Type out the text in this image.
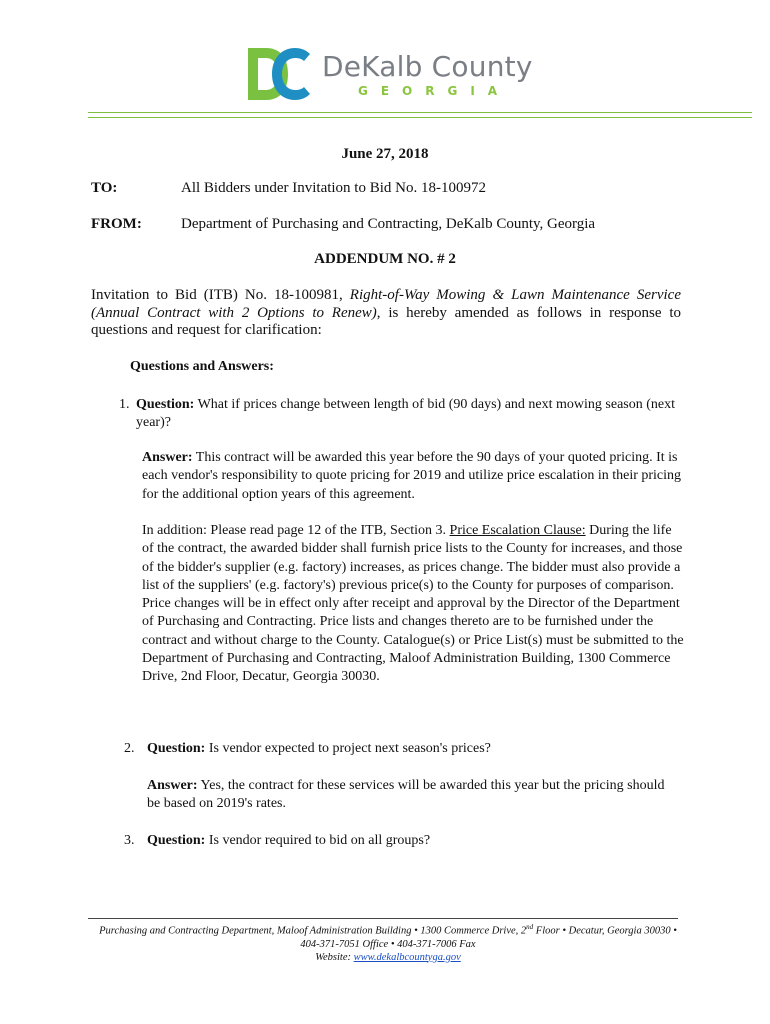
DeKalb County
GEORGIA
June 27, 2018
TO:	All Bidders under Invitation to Bid No. 18-100972
FROM:	Department of Purchasing and Contracting, DeKalb County, Georgia
ADDENDUM NO. # 2
Invitation to Bid (ITB) No. 18-100981, Right-of-Way Mowing & Lawn Maintenance Service (Annual Contract with 2 Options to Renew), is hereby amended as follows in response to questions and request for clarification:
Questions and Answers:
1. Question: What if prices change between length of bid (90 days) and next mowing season (next year)?
Answer: This contract will be awarded this year before the 90 days of your quoted pricing. It is each vendor's responsibility to quote pricing for 2019 and utilize price escalation in their pricing for the additional option years of this agreement.
In addition: Please read page 12 of the ITB, Section 3. Price Escalation Clause: During the life of the contract, the awarded bidder shall furnish price lists to the County for increases, and those of the bidder's supplier (e.g. factory) increases, as prices change. The bidder must also provide a list of the suppliers' (e.g. factory's) previous price(s) to the County for purposes of comparison. Price changes will be in effect only after receipt and approval by the Director of the Department of Purchasing and Contracting. Price lists and changes thereto are to be furnished under the contract and without charge to the County. Catalogue(s) or Price List(s) must be submitted to the Department of Purchasing and Contracting, Maloof Administration Building, 1300 Commerce Drive, 2nd Floor, Decatur, Georgia 30030.
2. Question: Is vendor expected to project next season's prices?
Answer: Yes, the contract for these services will be awarded this year but the pricing should be based on 2019's rates.
3. Question: Is vendor required to bid on all groups?
Purchasing and Contracting Department, Maloof Administration Building • 1300 Commerce Drive, 2nd Floor • Decatur, Georgia 30030 •
404-371-7051 Office • 404-371-7006 Fax
Website: www.dekalbcountyga.gov
